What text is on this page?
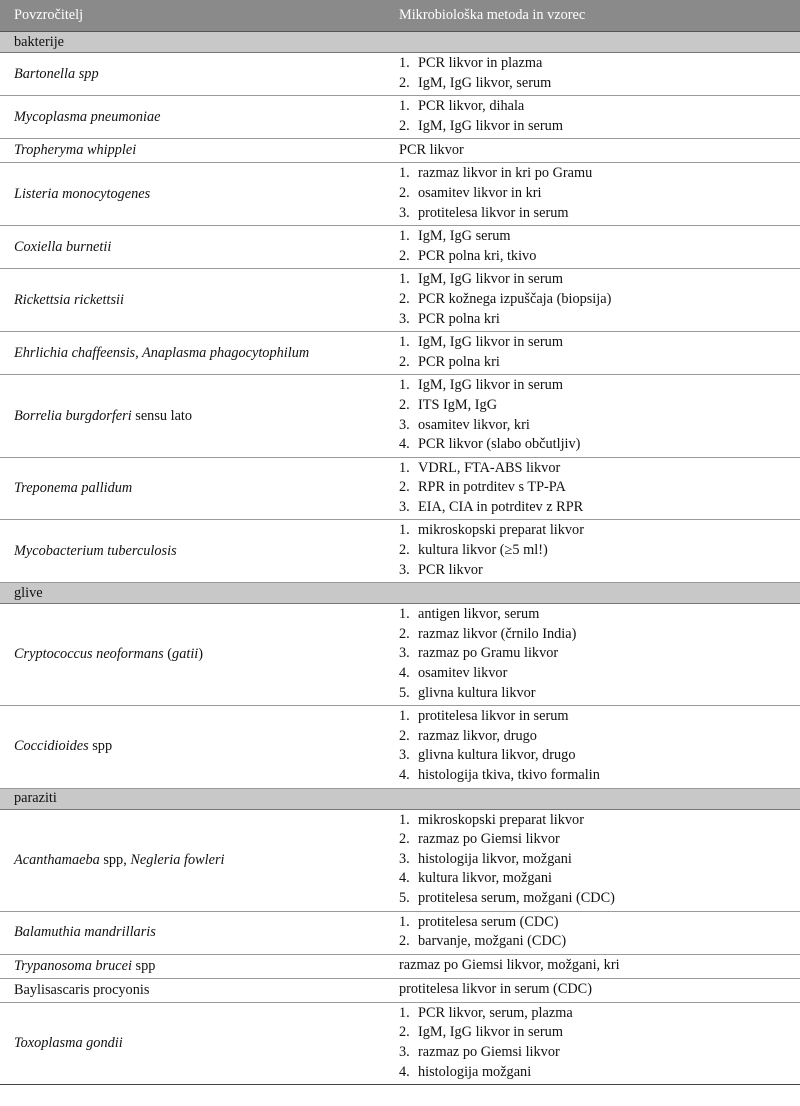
Povzročitelj	Mikrobiološka metoda in vzorec
bakterije	
Bartonella spp	1. PCR likvor in plazma
2. IgM, IgG likvor, serum

Mycoplasma pneumoniae	1. PCR likvor, dihala
2. IgM, IgG likvor in serum

Tropheryma whipplei	PCR likvor
Listeria monocytogenes	1. razmaz likvor in kri po Gramu
2. osamitev likvor in kri
3. protitelesa likvor in serum

Coxiella burnetii	1. IgM, IgG serum
2. PCR polna kri, tkivo

Rickettsia rickettsii	1. IgM, IgG likvor in serum
2. PCR kožnega izpuščaja (biopsija)
3. PCR polna kri

Ehrlichia chaffeensis, Anaplasma phagocytophilum	1. IgM, IgG likvor in serum
2. PCR polna kri

Borrelia burgdorferi sensu lato	1. IgM, IgG likvor in serum
2. ITS IgM, IgG
3. osamitev likvor, kri
4. PCR likvor (slabo občutljiv)

Treponema pallidum	1. VDRL, FTA-ABS likvor
2. RPR in potrditev s TP-PA
3. EIA, CIA in potrditev z RPR

Mycobacterium tuberculosis	1. mikroskopski preparat likvor
2. kultura likvor (≥5 ml!)
3. PCR likvor

glive	
Cryptococcus neoformans (gatii)	1. antigen likvor, serum
2. razmaz likvor (črnilo India)
3. razmaz po Gramu likvor
4. osamitev likvor
5. glivna kultura likvor

Coccidioides spp	1. protitelesa likvor in serum
2. razmaz likvor, drugo
3. glivna kultura likvor, drugo
4. histologija tkiva, tkivo formalin

paraziti	
Acanthamaeba spp, Negleria fowleri	1. mikroskopski preparat likvor
2. razmaz po Giemsi likvor
3. histologija likvor, možgani
4. kultura likvor, možgani
5. protitelesa serum, možgani (CDC)

Balamuthia mandrillaris	1. protitelesa serum (CDC)
2. barvanje, možgani (CDC)

Trypanosoma brucei spp	razmaz po Giemsi likvor, možgani, kri
Baylisascaris procyonis	protitelesa likvor in serum (CDC)
Toxoplasma gondii	1. PCR likvor, serum, plazma
2. IgM, IgG likvor in serum
3. razmaz po Giemsi likvor
4. histologija možgani
